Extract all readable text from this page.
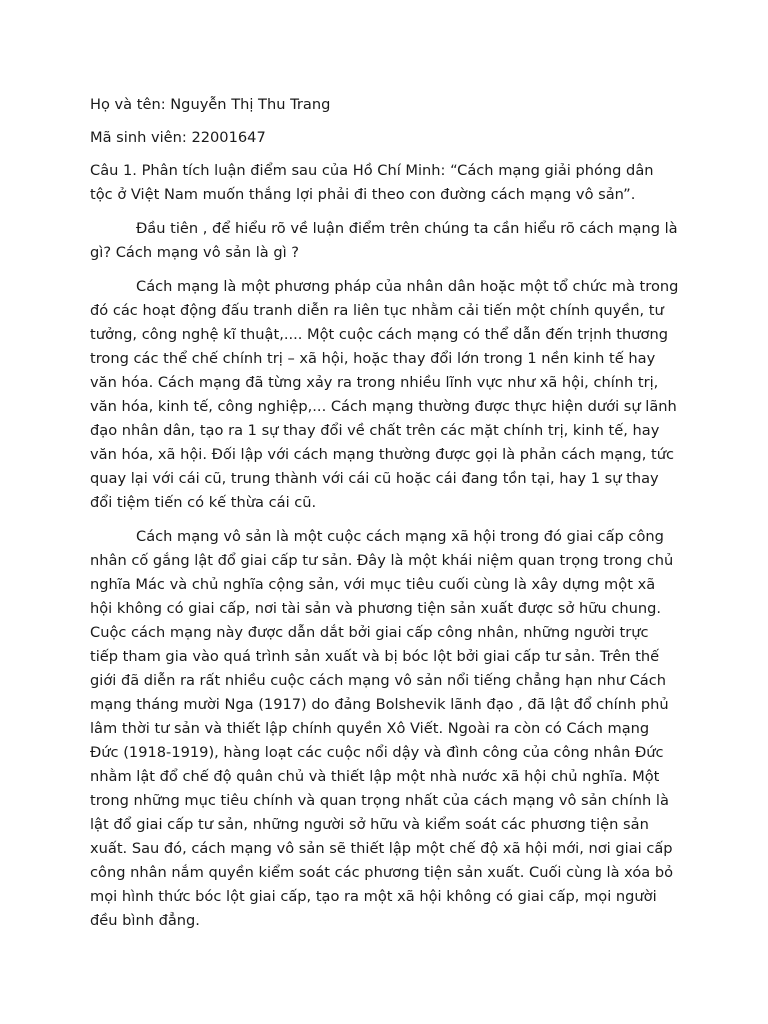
Họ và tên: Nguyễn Thị Thu Trang

Mã sinh viên: 22001647

Câu 1. Phân tích luận điểm sau của Hồ Chí Minh: “Cách mạng giải phóng dân tộc ở Việt Nam muốn thắng lợi phải đi theo con đường cách mạng vô sản”.

Đầu tiên , để hiểu rõ về luận điểm trên chúng ta cần hiểu rõ cách mạng là gì? Cách mạng vô sản là gì ?

Cách mạng là một phương pháp của nhân dân hoặc một tổ chức mà trong đó các hoạt động đấu tranh diễn ra liên tục nhằm cải tiến một chính quyền, tư tưởng, công nghệ kĩ thuật,.... Một cuộc cách mạng có thể dẫn đến trịnh thương trong các thể chế chính trị – xã hội, hoặc thay đổi lớn trong 1 nền kinh tế hay văn hóa. Cách mạng đã từng xảy ra trong nhiều lĩnh vực như xã hội, chính trị, văn hóa, kinh tế, công nghiệp,... Cách mạng thường được thực hiện dưới sự lãnh đạo nhân dân, tạo ra 1 sự thay đổi về chất trên các mặt chính trị, kinh tế, hay văn hóa, xã hội. Đối lập với cách mạng thường được gọi là phản cách mạng, tức quay lại với cái cũ, trung thành với cái cũ hoặc cái đang tồn tại, hay 1 sự thay đổi tiệm tiến có kế thừa cái cũ.

Cách mạng vô sản là một cuộc cách mạng xã hội trong đó giai cấp công nhân cố gắng lật đổ giai cấp tư sản. Đây là một khái niệm quan trọng trong chủ nghĩa Mác và chủ nghĩa cộng sản, với mục tiêu cuối cùng là xây dựng một xã hội không có giai cấp, nơi tài sản và phương tiện sản xuất được sở hữu chung. Cuộc cách mạng này được dẫn dắt bởi giai cấp công nhân, những người trực tiếp tham gia vào quá trình sản xuất và bị bóc lột bởi giai cấp tư sản. Trên thế giới đã diễn ra rất nhiều cuộc cách mạng vô sản nổi tiếng chẳng hạn như Cách mạng tháng mười Nga (1917) do đảng Bolshevik lãnh đạo , đã lật đổ chính phủ lâm thời tư sản và thiết lập chính quyền Xô Viết. Ngoài ra còn có Cách mạng Đức (1918-1919), hàng loạt các cuộc nổi dậy và đình công của công nhân Đức nhằm lật đổ chế độ quân chủ và thiết lập một nhà nước xã hội chủ nghĩa. Một trong những mục tiêu chính và quan trọng nhất của cách mạng vô sản chính là lật đổ giai cấp tư sản, những người sở hữu và kiểm soát các phương tiện sản xuất. Sau đó, cách mạng vô sản sẽ thiết lập một chế độ xã hội mới, nơi giai cấp công nhân nắm quyền kiểm soát các phương tiện sản xuất. Cuối cùng là xóa bỏ mọi hình thức bóc lột giai cấp, tạo ra một xã hội không có giai cấp, mọi người đều bình đẳng.
